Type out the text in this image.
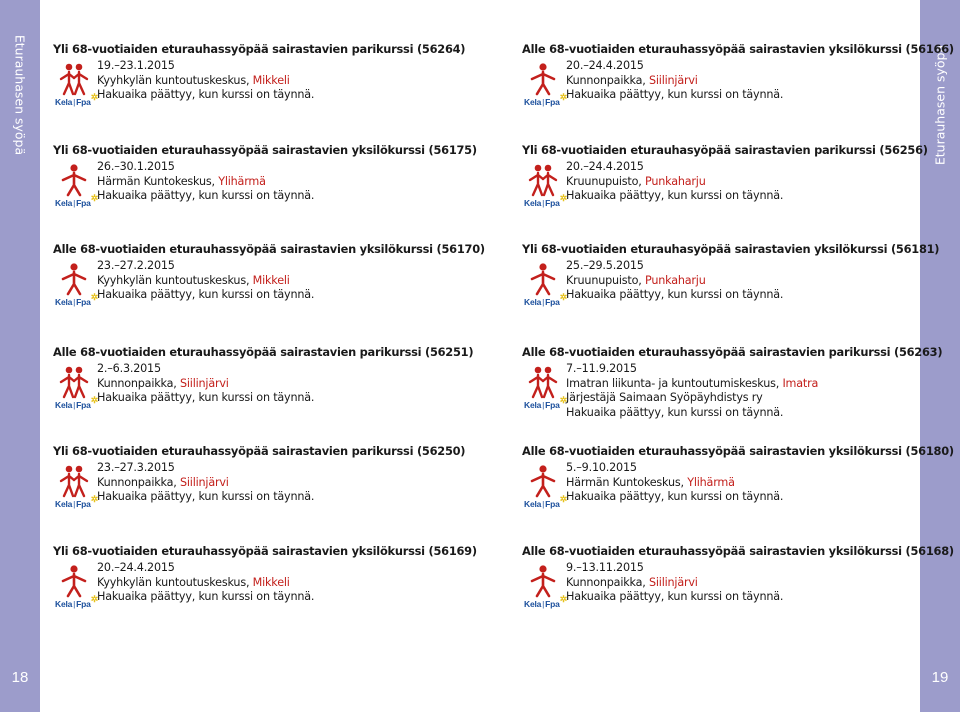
Eturauhasen syöpä
18
Eturauhasen syöpä
19
Yli 68-vuotiaiden eturauhassyöpää sairastavien parikurssi (56264)
19.–23.1.2015
Kyyhkylän kuntoutuskeskus, Mikkeli
Hakuaika päättyy, kun kurssi on täynnä.
Kela|Fpa✲
Yli 68-vuotiaiden eturauhassyöpää sairastavien yksilökurssi (56175)
26.–30.1.2015
Härmän Kuntokeskus, Ylihärmä
Hakuaika päättyy, kun kurssi on täynnä.
Kela|Fpa✲
Alle 68-vuotiaiden eturauhassyöpää sairastavien yksilökurssi (56170)
23.–27.2.2015
Kyyhkylän kuntoutuskeskus, Mikkeli
Hakuaika päättyy, kun kurssi on täynnä.
Kela|Fpa✲
Alle 68-vuotiaiden eturauhassyöpää sairastavien parikurssi (56251)
2.–6.3.2015
Kunnonpaikka, Siilinjärvi
Hakuaika päättyy, kun kurssi on täynnä.
Kela|Fpa✲
Yli 68-vuotiaiden eturauhassyöpää sairastavien parikurssi (56250)
23.–27.3.2015
Kunnonpaikka, Siilinjärvi
Hakuaika päättyy, kun kurssi on täynnä.
Kela|Fpa✲
Yli 68-vuotiaiden eturauhassyöpää sairastavien yksilökurssi (56169)
20.–24.4.2015
Kyyhkylän kuntoutuskeskus, Mikkeli
Hakuaika päättyy, kun kurssi on täynnä.
Kela|Fpa✲
Alle 68-vuotiaiden eturauhassyöpää sairastavien yksilökurssi (56166)
20.–24.4.2015
Kunnonpaikka, Siilinjärvi
Hakuaika päättyy, kun kurssi on täynnä.
Kela|Fpa✲
Yli 68-vuotiaiden eturauhasyöpää sairastavien parikurssi (56256)
20.–24.4.2015
Kruunupuisto, Punkaharju
Hakuaika päättyy, kun kurssi on täynnä.
Kela|Fpa✲
Yli 68-vuotiaiden eturauhasyöpää sairastavien yksilökurssi (56181)
25.–29.5.2015
Kruunupuisto, Punkaharju
Hakuaika päättyy, kun kurssi on täynnä.
Kela|Fpa✲
Alle 68-vuotiaiden eturauhassyöpää sairastavien parikurssi (56263)
7.–11.9.2015
Imatran liikunta- ja kuntoutumiskeskus, Imatra
Järjestäjä Saimaan Syöpäyhdistys ry
Hakuaika päättyy, kun kurssi on täynnä.
Kela|Fpa✲
Alle 68-vuotiaiden eturauhassyöpää sairastavien yksilökurssi (56180)
5.–9.10.2015
Härmän Kuntokeskus, Ylihärmä
Hakuaika päättyy, kun kurssi on täynnä.
Kela|Fpa✲
Alle 68-vuotiaiden eturauhassyöpää sairastavien yksilökurssi (56168)
9.–13.11.2015
Kunnonpaikka, Siilinjärvi
Hakuaika päättyy, kun kurssi on täynnä.
Kela|Fpa✲
